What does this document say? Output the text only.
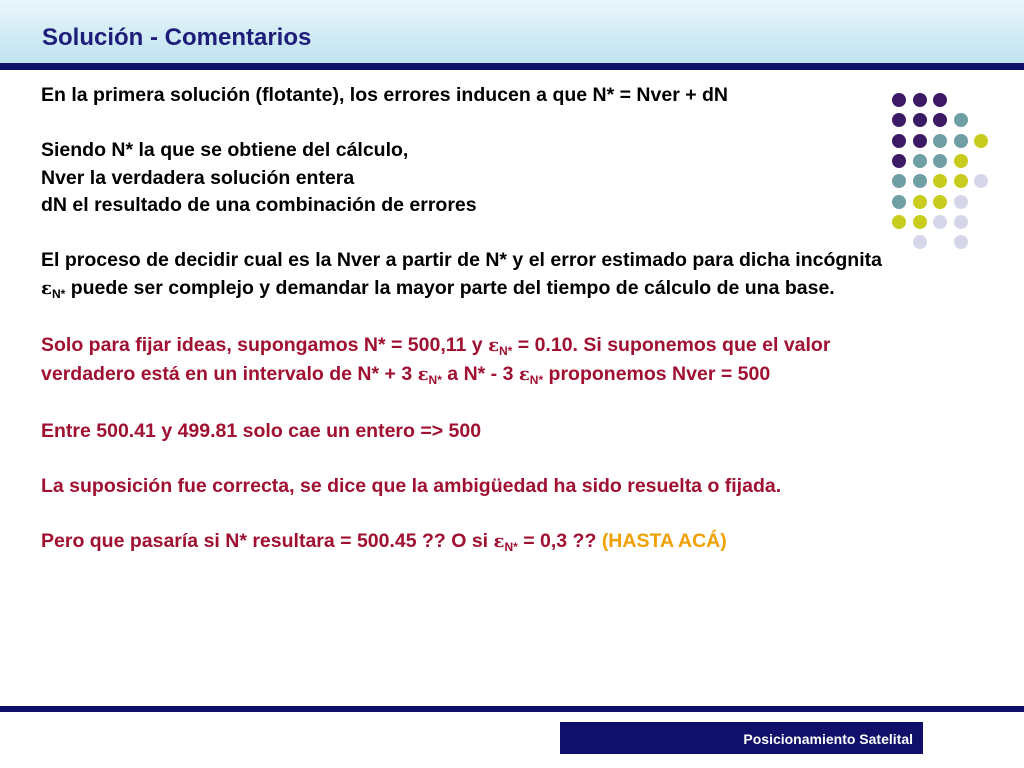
Solución - Comentarios

En la primera solución (flotante), los errores inducen a que N* = Nver + dN

Siendo N* la que se obtiene del cálculo,
Nver la verdadera solución entera
dN el resultado de una combinación de errores

El proceso de decidir cual es la Nver a partir de N* y el error estimado para dicha incógnita $\varepsilon_{N*}$ puede ser complejo y demandar la mayor parte del tiempo de cálculo de una base.

Solo para fijar ideas, supongamos N* = 500,11 y $\varepsilon_{N*} = 0.10$. Si suponemos que el valor verdadero está en un intervalo de N* + 3 $\varepsilon_{N*}$ a N* - 3 $\varepsilon_{N*}$ proponemos Nver = 500

Entre 500.41 y 499.81 solo cae un entero => 500

La suposición fue correcta, se dice que la ambigüedad ha sido resuelta o fijada.

Pero que pasaría si N* resultara = 500.45 ?? O si $\varepsilon_{N*} = 0,3$ ?? (HASTA ACÁ)

Posicionamiento Satelital
